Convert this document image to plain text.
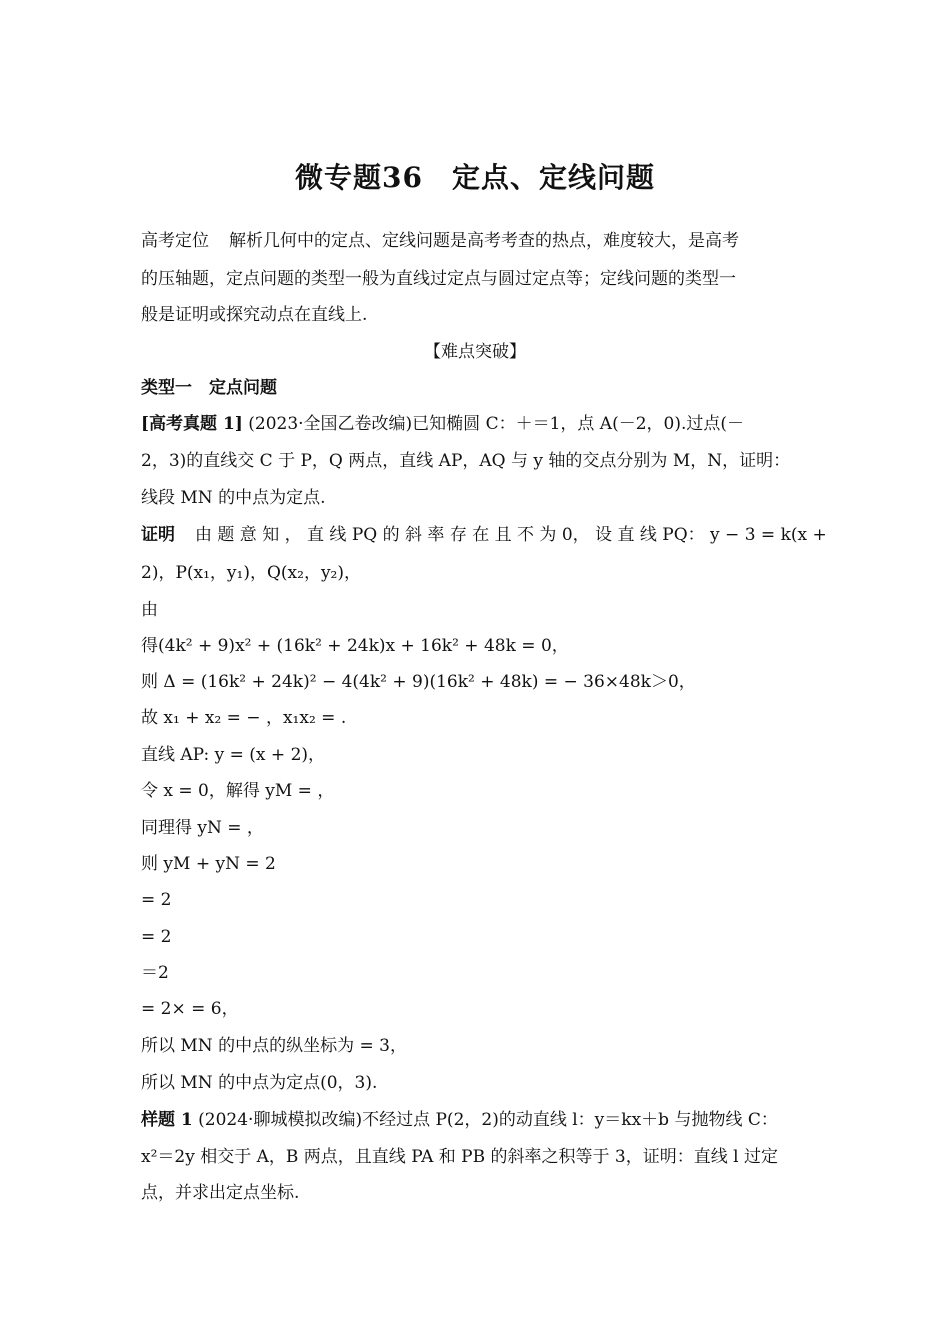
微专题36　定点、定线问题
高考定位 解析几何中的定点、定线问题是高考考查的热点，难度较大，是高考
的压轴题，定点问题的类型一般为直线过定点与圆过定点等；定线问题的类型一
般是证明或探究动点在直线上.
【难点突破】
类型一　定点问题
[高考真题 1] (2023·全国乙卷改编)已知椭圆 C：＋＝1，点 A(－2，0).过点(－
2，3)的直线交 C 于 P，Q 两点，直线 AP，AQ 与 y 轴的交点分别为 M，N，证明：
线段 MN 的中点为定点.
证明 由 题 意 知 ， 直 线 PQ 的 斜 率 存 在 且 不 为 0， 设 直 线 PQ： y − 3 = k(x +
2)，P(x₁，y₁)，Q(x₂，y₂)，
由
得(4k² + 9)x² + (16k² + 24k)x + 16k² + 48k = 0，
则 Δ = (16k² + 24k)² − 4(4k² + 9)(16k² + 48k) = − 36×48k＞0，
故 x₁ + x₂ = − ，x₁x₂ = .
直线 AP: y = (x + 2)，
令 x = 0，解得 yM = ，
同理得 yN = ，
则 yM + yN = 2
= 2
= 2
＝2
= 2× = 6，
所以 MN 的中点的纵坐标为 = 3，
所以 MN 的中点为定点(0，3).
样题 1 (2024·聊城模拟改编)不经过点 P(2，2)的动直线 l：y＝kx＋b 与抛物线 C：
x²＝2y 相交于 A，B 两点，且直线 PA 和 PB 的斜率之积等于 3，证明：直线 l 过定
点，并求出定点坐标.
